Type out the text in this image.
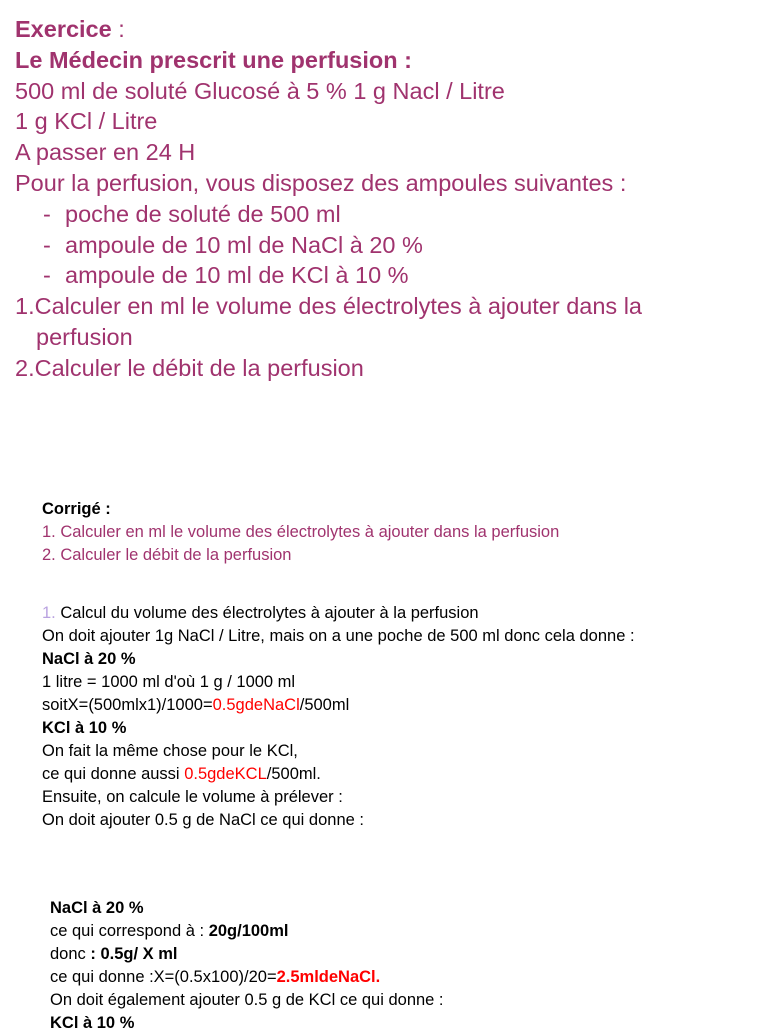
Exercice :
Le Médecin prescrit une perfusion :
500 ml de soluté Glucosé à 5 % 1 g Nacl / Litre
1 g KCl / Litre
A passer en 24 H
Pour la perfusion, vous disposez des ampoules suivantes :
- poche de soluté de 500 ml
- ampoule de 10 ml de NaCl à 20 %
- ampoule de 10 ml de KCl à 10 %
1.Calculer en ml le volume des électrolytes à ajouter dans la
perfusion
2.Calculer le débit de la perfusion
Corrigé :
1. Calculer en ml le volume des électrolytes à ajouter dans la perfusion
2. Calculer le débit de la perfusion
1. Calcul du volume des électrolytes à ajouter à la perfusion
On doit ajouter 1g NaCl / Litre, mais on a une poche de 500 ml donc cela donne :
NaCl à 20 %
1 litre = 1000 ml d'où 1 g / 1000 ml
soitX=(500mlx1)/1000=0.5gdeNaCl/500ml
KCl à 10 %
On fait la même chose pour le KCl,
ce qui donne aussi 0.5gdeKCL/500ml.
Ensuite, on calcule le volume à prélever :
On doit ajouter 0.5 g de NaCl ce qui donne :
NaCl à 20 %
ce qui correspond à : 20g/100ml
donc : 0.5g/ X ml
ce qui donne :X=(0.5x100)/20=2.5mldeNaCl.
On doit également ajouter 0.5 g de KCl ce qui donne :
KCl à 10 %
